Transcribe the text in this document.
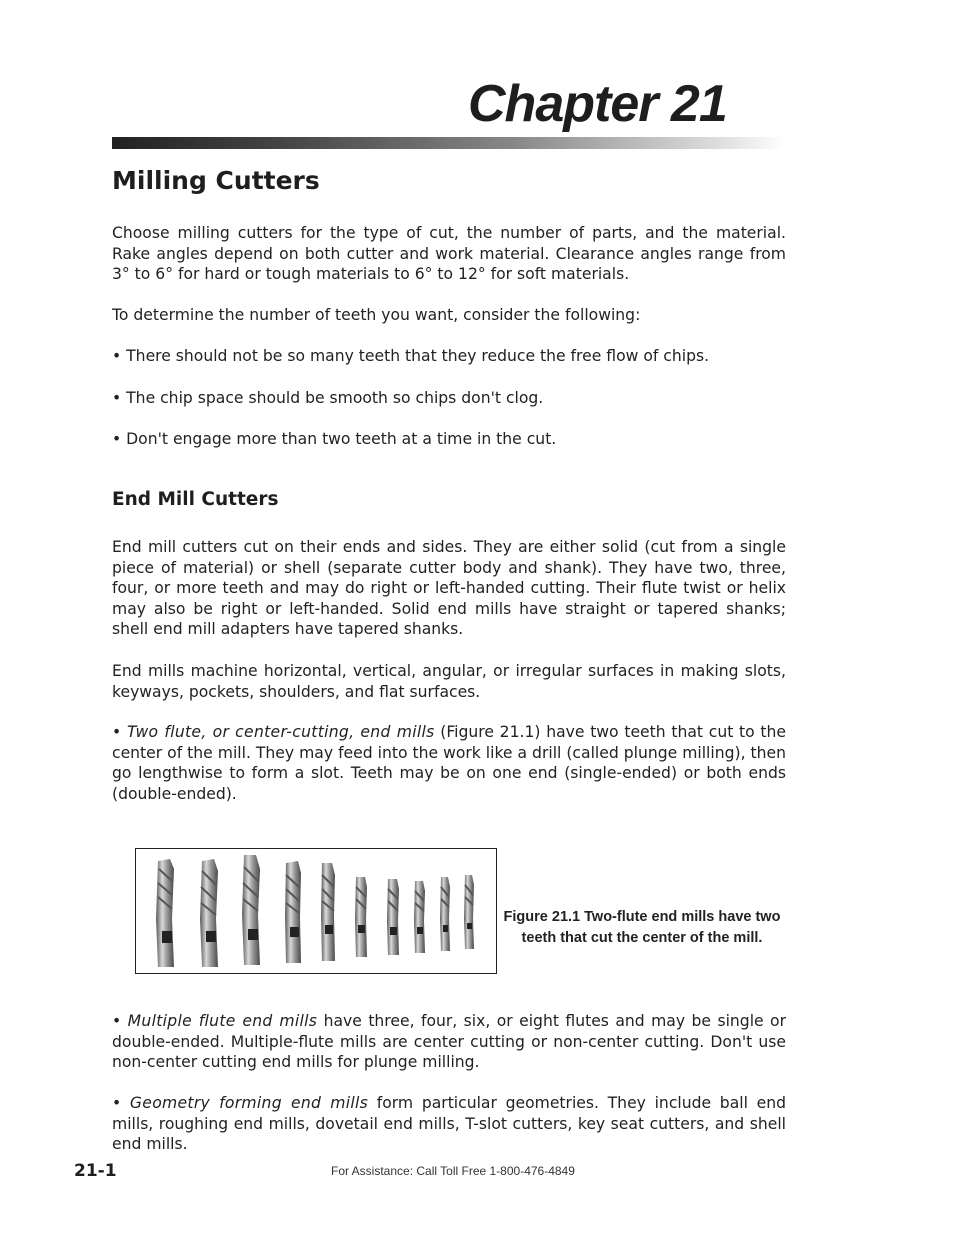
Chapter 21
Milling Cutters

Choose milling cutters for the type of cut, the number of parts, and the material. Rake angles depend on both cutter and work material. Clearance angles range from 3° to 6° for hard or tough materials to 6° to 12° for soft materials.

To determine the number of teeth you want, consider the following:

• There should not be so many teeth that they reduce the free flow of chips.

• The chip space should be smooth so chips don't clog.

• Don't engage more than two teeth at a time in the cut.

End Mill Cutters

End mill cutters cut on their ends and sides. They are either solid (cut from a single piece of material) or shell (separate cutter body and shank). They have two, three, four, or more teeth and may do right or left-handed cutting. Their flute twist or helix may also be right or left-handed. Solid end mills have straight or tapered shanks; shell end mill adapters have tapered shanks.

End mills machine horizontal, vertical, angular, or irregular surfaces in making slots, keyways, pockets, shoulders, and flat surfaces.

• Two flute, or center-cutting, end mills (Figure 21.1) have two teeth that cut to the center of the mill. They may feed into the work like a drill (called plunge milling), then go lengthwise to form a slot. Teeth may be on one end (single-ended) or both ends (double-ended).

Figure 21.1 Two-flute end mills have two teeth that cut the center of the mill.

• Multiple flute end mills have three, four, six, or eight flutes and may be single or double-ended. Multiple-flute mills are center cutting or non-center cutting. Don't use non-center cutting end mills for plunge milling.

• Geometry forming end mills form particular geometries. They include ball end mills, roughing end mills, dovetail end mills, T-slot cutters, key seat cutters, and shell end mills.

21-1	For Assistance: Call Toll Free 1-800-476-4849
